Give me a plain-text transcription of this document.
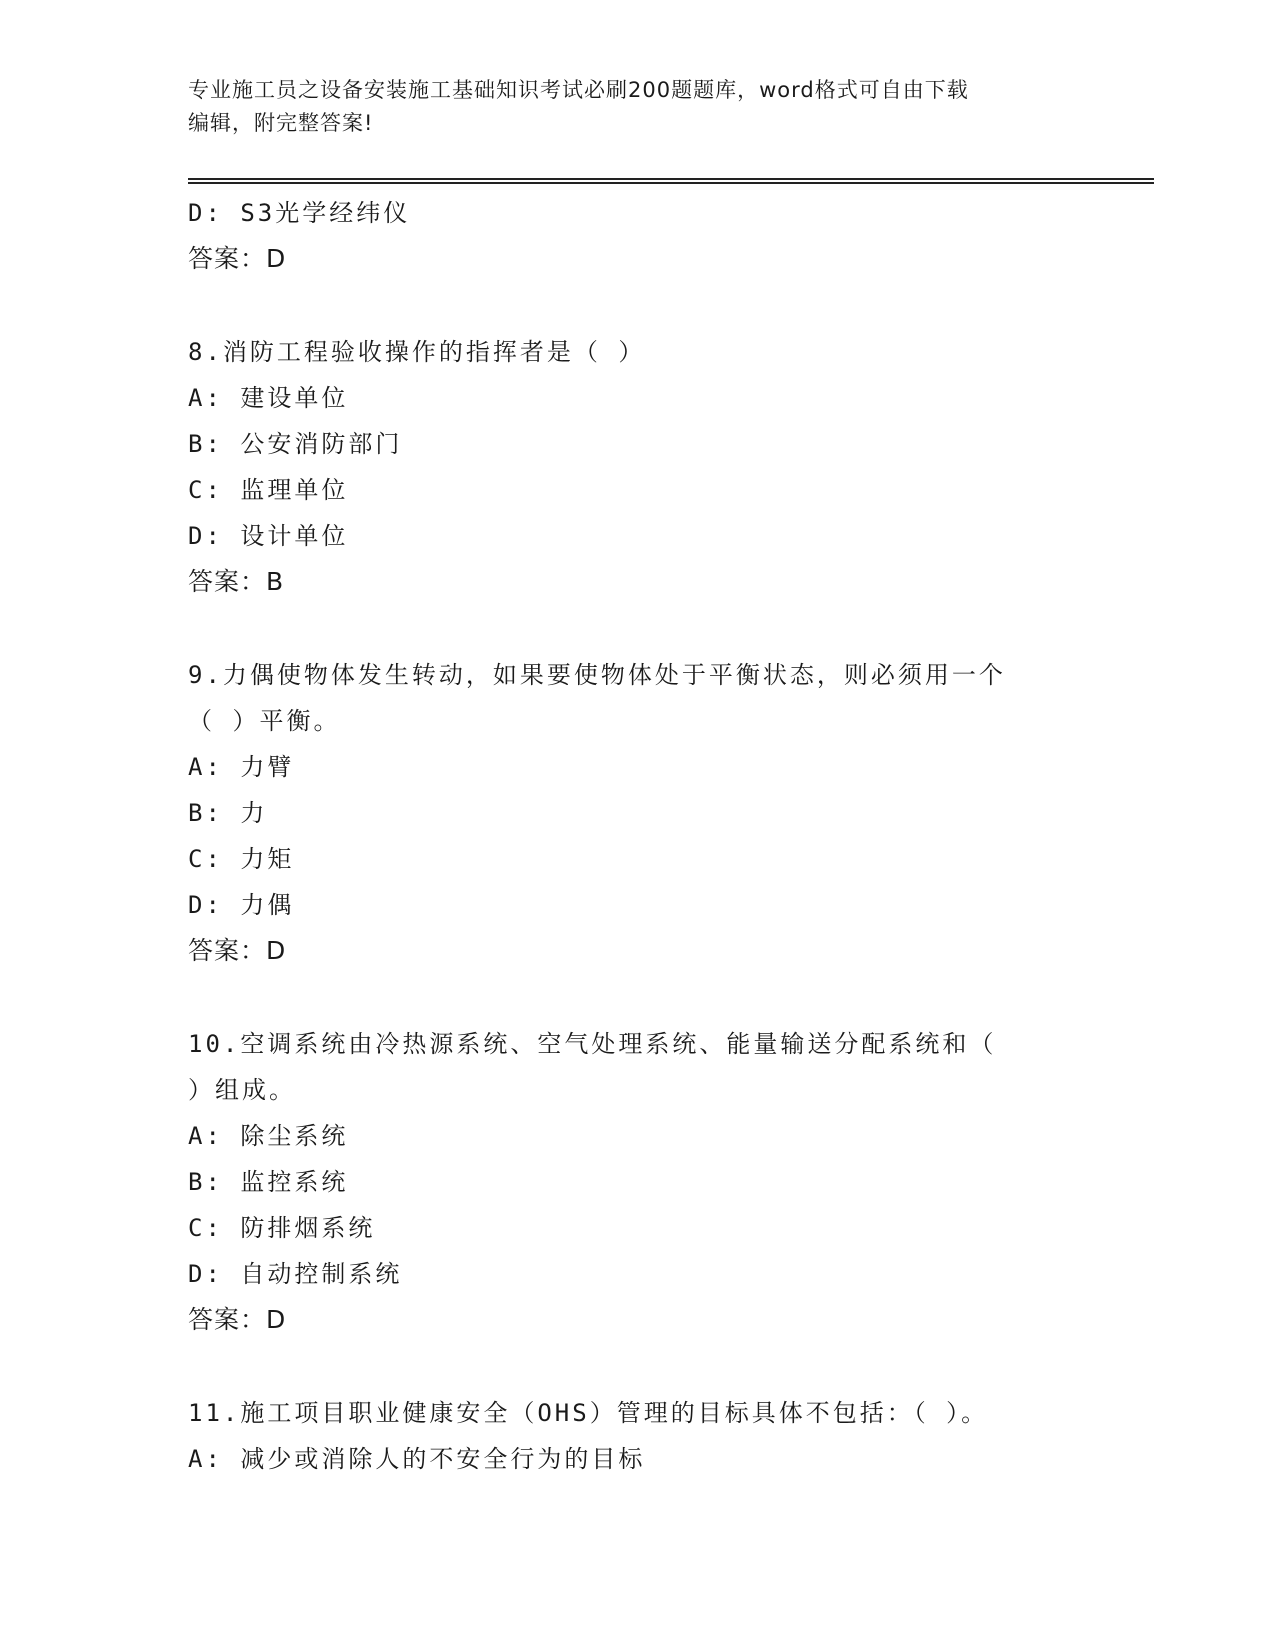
专业施工员之设备安装施工基础知识考试必刷200题题库，word格式可自由下载
编辑，附完整答案!
D: S3光学经纬仪
答案：D
8.消防工程验收操作的指挥者是（ ）
A: 建设单位
B: 公安消防部门
C: 监理单位
D: 设计单位
答案：B
9.力偶使物体发生转动，如果要使物体处于平衡状态，则必须用一个
（ ）平衡。
A: 力臂
B: 力
C: 力矩
D: 力偶
答案：D
10.空调系统由冷热源系统、空气处理系统、能量输送分配系统和（
）组成。
A: 除尘系统
B: 监控系统
C: 防排烟系统
D: 自动控制系统
答案：D
11.施工项目职业健康安全（OHS）管理的目标具体不包括：（ ）。
A: 减少或消除人的不安全行为的目标
